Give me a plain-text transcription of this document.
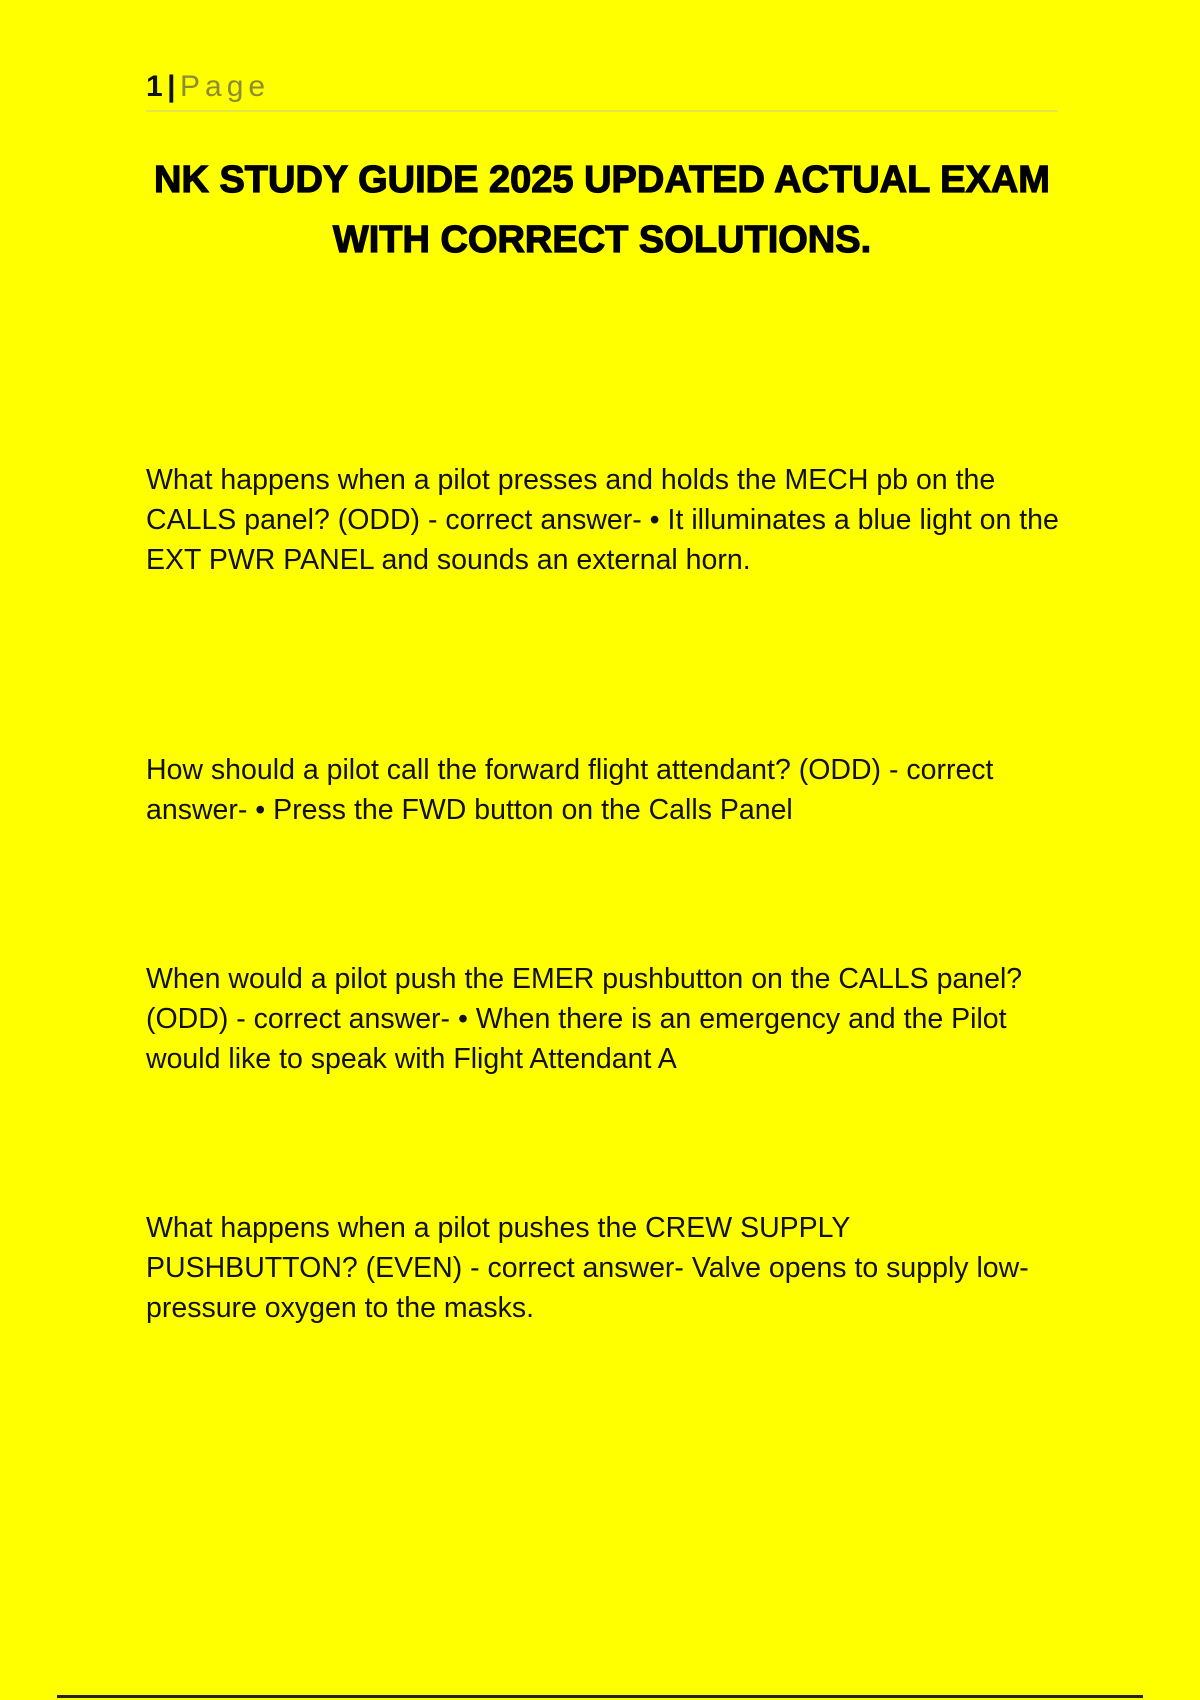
1 | Page
NK STUDY GUIDE 2025 UPDATED ACTUAL EXAM WITH CORRECT SOLUTIONS.
What happens when a pilot presses and holds the MECH pb on the CALLS panel? (ODD) - correct answer- • It illuminates a blue light on the EXT PWR PANEL and sounds an external horn.
How should a pilot call the forward flight attendant? (ODD) - correct answer- • Press the FWD button on the Calls Panel
When would a pilot push the EMER pushbutton on the CALLS panel? (ODD) - correct answer- • When there is an emergency and the Pilot would like to speak with Flight Attendant A
What happens when a pilot pushes the CREW SUPPLY PUSHBUTTON? (EVEN) - correct answer- Valve opens to supply low-pressure oxygen to the masks.
